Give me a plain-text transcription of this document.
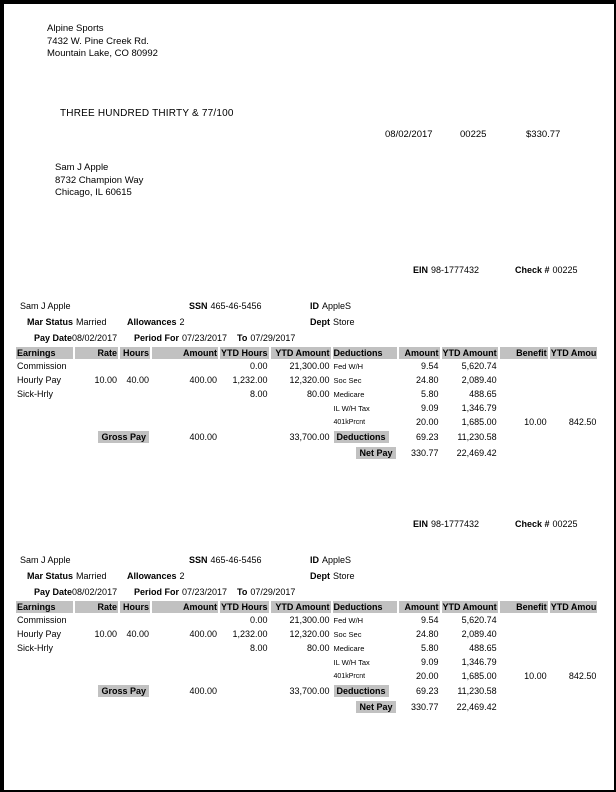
Alpine Sports
7432 W. Pine Creek Rd.
Mountain Lake, CO 80992
THREE HUNDRED THIRTY & 77/100
08/02/2017	00225	$330.77
Sam J Apple
8732 Champion Way
Chicago, IL 60615
EIN 98-1777432	Check # 00225
Sam J Apple	SSN 465-46-5456	ID AppleS
Mar Status Married Allowances 2	Dept Store
Pay Date08/02/2017 Period For 07/23/2017 To 07/29/2017
Earnings	Rate	Hours	Amount	YTD Hours	YTD Amount	Deductions	Amount	YTD Amount	Benefit	YTD Amou
Commission				0.00	21,300.00	Fed W/H	9.54	5,620.74		
Hourly Pay	10.00	40.00	400.00	1,232.00	12,320.00	Soc Sec	24.80	2,089.40		
Sick-Hrly				8.00	80.00	Medicare	5.80	488.65		
						IL W/H Tax	9.09	1,346.79		
						401kPrcnt	20.00	1,685.00	10.00	842.50
	Gross Pay		400.00		33,700.00	Deductions	69.23	11,230.58		
						Net Pay	330.77	22,469.42		
EIN 98-1777432	Check # 00225
Sam J Apple	SSN 465-46-5456	ID AppleS
Mar Status Married Allowances 2	Dept Store
Pay Date08/02/2017 Period For 07/23/2017 To 07/29/2017
Earnings	Rate	Hours	Amount	YTD Hours	YTD Amount	Deductions	Amount	YTD Amount	Benefit	YTD Amou
Commission				0.00	21,300.00	Fed W/H	9.54	5,620.74		
Hourly Pay	10.00	40.00	400.00	1,232.00	12,320.00	Soc Sec	24.80	2,089.40		
Sick-Hrly				8.00	80.00	Medicare	5.80	488.65		
						IL W/H Tax	9.09	1,346.79		
						401kPrcnt	20.00	1,685.00	10.00	842.50
	Gross Pay		400.00		33,700.00	Deductions	69.23	11,230.58		
						Net Pay	330.77	22,469.42		
